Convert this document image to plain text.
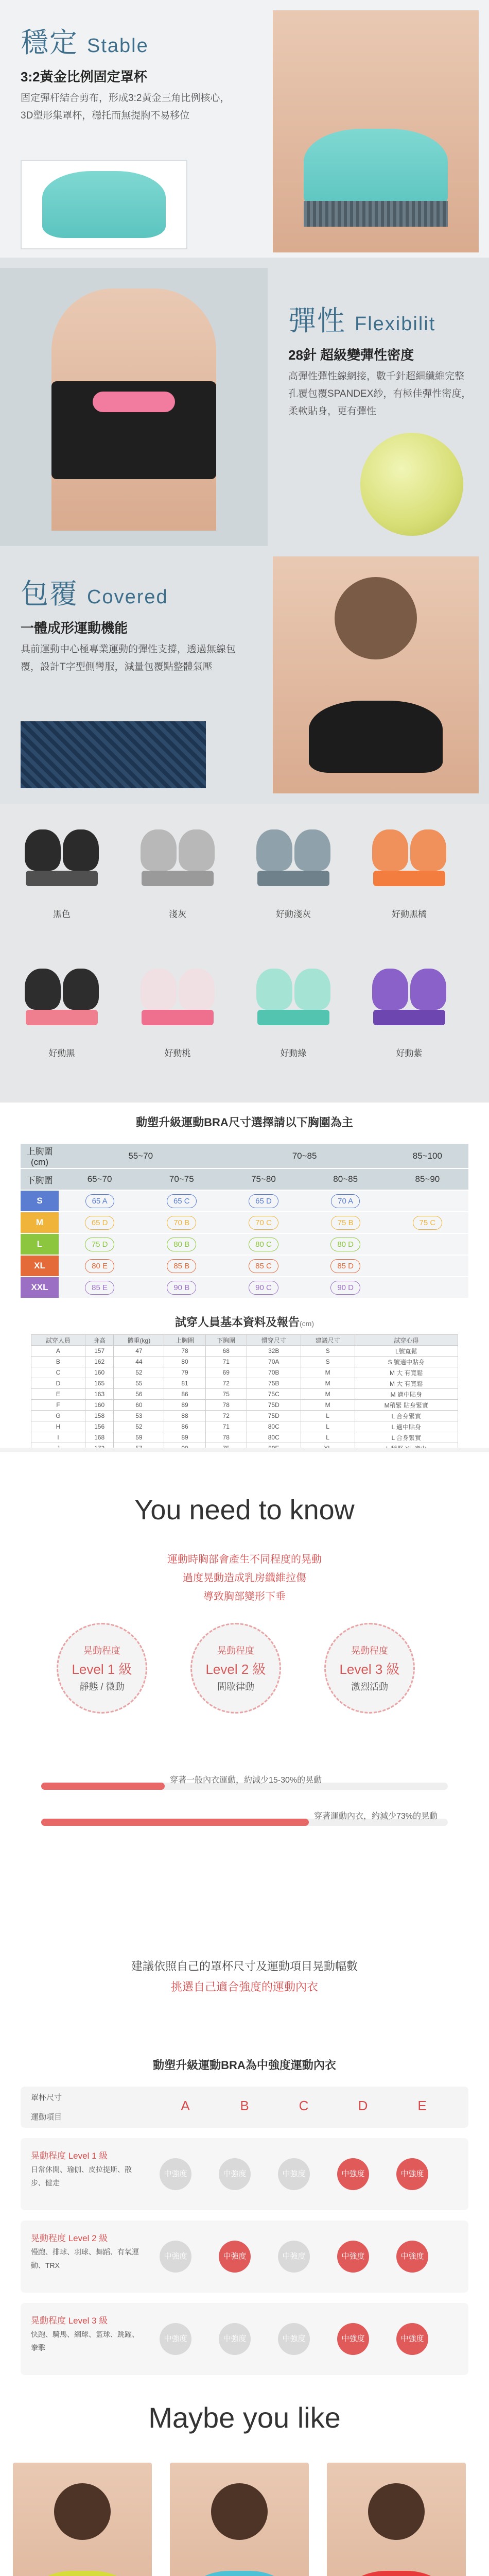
穩定 Stable
3:2黃金比例固定罩杯
固定彈杆結合剪布，形成3:2黃金三角比例核心，3D塑形集罩杯，穩托而無提胸不易移位
彈性 Flexibilit
28針 超級變彈性密度
高彈性彈性線網接，數千針超細纖維完整孔覆包覆SPANDEX紗，有極佳彈性密度，柔軟貼身，更有彈性
包覆 Covered
一體成形運動機能
具前運動中心極專業運動的彈性支撐，透過無線包覆，設計T字型側彎服，減量包覆點整體氣壓
黑色	淺灰	好動淺灰	好動黑橘
好動黑	好動桃	好動綠	好動紫
動塑升級運動BRA尺寸選擇請以下胸圍為主
上胸圍(cm)	55~70		70~85		85~100
下胸圍	65~70	70~75	75~80	80~85	85~90
S	65 A	65 C	65 D	70 A	
M	65 D	70 B	70 C	75 B	75 C
L	75 D	80 B	80 C	80 D	
XL	80 E	85 B	85 C	85 D	
XXL	85 E	90 B	90 C	90 D	
試穿人員基本資料及報告(cm)
試穿人員	身高	體重(kg)	上胸圍	下胸圍	慣穿尺寸	建議尺寸	試穿心得
A	157	47	78	68	32B	S	L號寬鬆
B	162	44	80	71	70A	S	S 號適中貼身
C	160	52	79	69	70B	M	M 大 有寬鬆
D	165	55	81	72	75B	M	M 大 有寬鬆
E	163	56	86	75	75C	M	M 適中貼身
F	160	60	89	78	75D	M	M稍緊 貼身緊實
G	158	53	88	72	75D	L	L 合身緊實
H	156	52	86	71	80C	L	L 適中貼身
I	168	59	89	78	80C	L	L 合身緊實

You need to know
運動時胸部會產生不同程度的晃動
過度晃動造成乳房纖維拉傷
導致胸部變形下垂
晃動程度
Level 1 級
靜態 / 微動
晃動程度
Level 2 級
間歇律動
晃動程度
Level 3 級
激烈活動
穿著一般內衣運動，約減少15-30%的晃動
穿著運動內衣，約減少73%的晃動
建議依照自己的罩杯尺寸及運動項目晃動幅數
挑選自己適合強度的運動內衣
動塑升級運動BRA為中強度運動內衣
罩杯尺寸
運動項目
A	B	C	D	E
晃動程度 Level 1 級
日常休閒、瑜伽、皮拉提斯、散步、健走
中強度	中強度	中強度	中強度	中強度
晃動程度 Level 2 級
慢跑、排球、羽球、舞蹈、有氧運動、TRX
中強度	中強度	中強度	中強度	中強度
晃動程度 Level 3 級
快跑、騎馬、網球、籃球、跳躍、拳擊
中強度	中強度	中強度	中強度	中強度
Maybe you like
